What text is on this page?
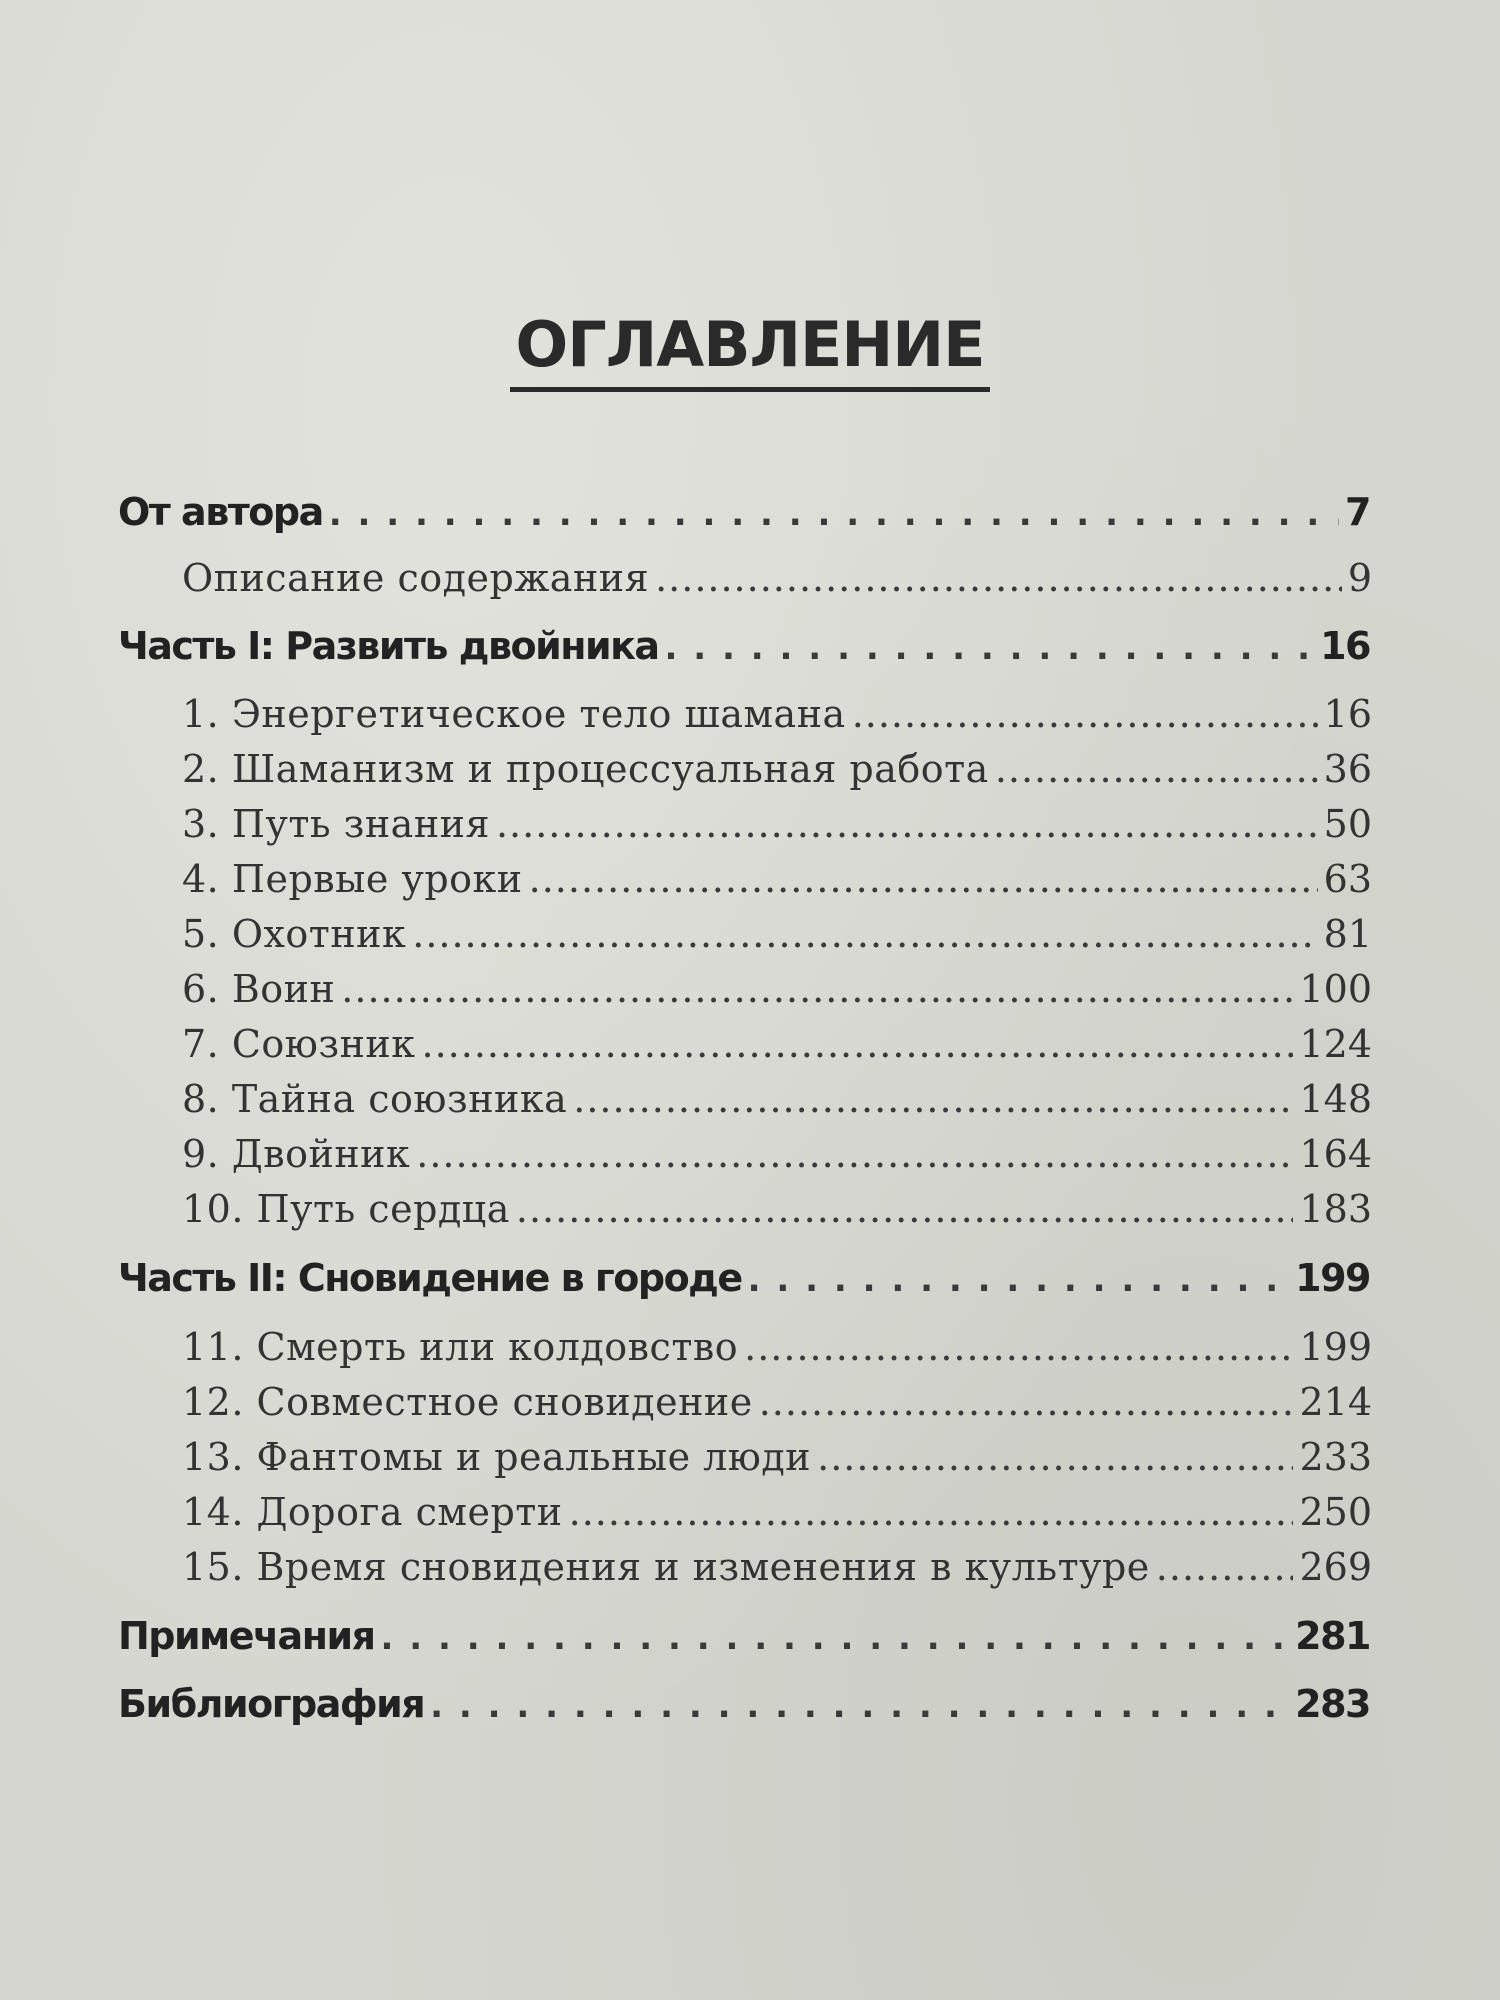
ОГЛАВЛЕНИЕ
От автора . . .	7
Описание содержания .....	9
Часть I: Развить двойника . . .	16
1. Энергетическое тело шамана .....	16
2. Шаманизм и процессуальная работа .....	36
3. Путь знания .....	50
4. Первые уроки .....	63
5. Охотник .....	81
6. Воин .....	100
7. Союзник .....	124
8. Тайна союзника .....	148
9. Двойник .....	164
10. Путь сердца .....	183
Часть II: Сновидение в городе . . .	199
11. Смерть или колдовство .....	199
12. Совместное сновидение .....	214
13. Фантомы и реальные люди .....	233
14. Дорога смерти .....	250
15. Время сновидения и изменения в культуре .....	269
Примечания . . .	281
Библиография . . .	283
